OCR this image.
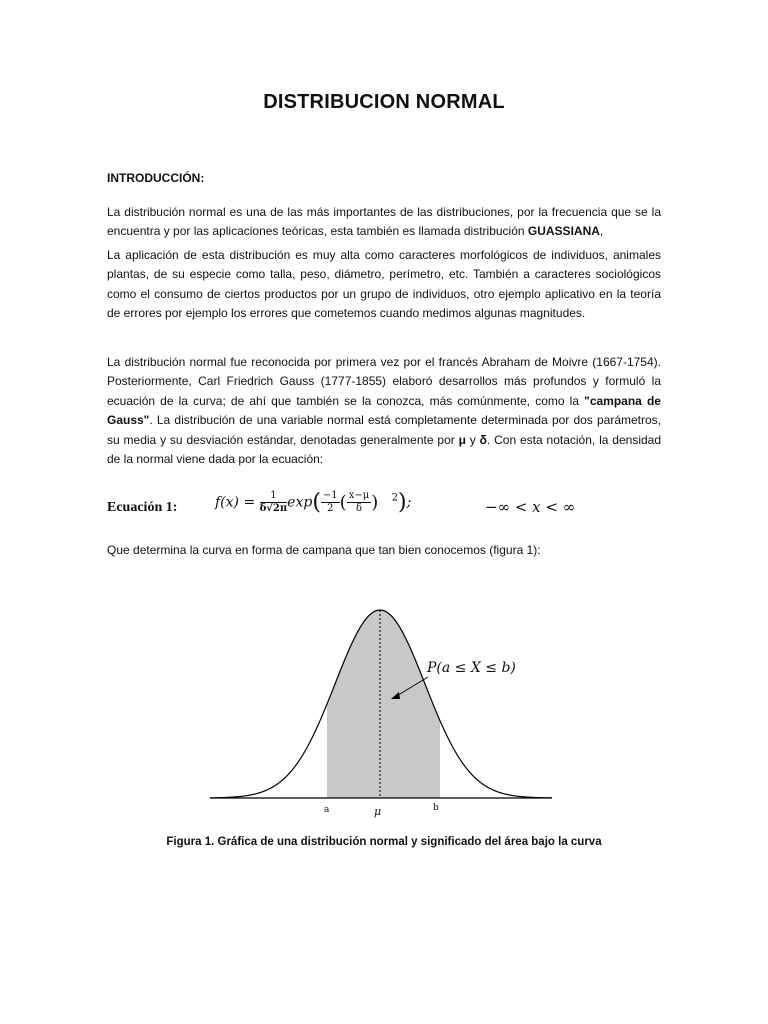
DISTRIBUCION NORMAL
INTRODUCCIÓN:
La distribución normal es una de las más importantes de las distribuciones, por la frecuencia que se la encuentra y por las aplicaciones teóricas, esta también es llamada distribución GUASSIANA,
La aplicación de esta distribución es muy alta como caracteres morfológicos de individuos, animales plantas, de su especie como talla, peso, diámetro, perímetro, etc. También a caracteres sociológicos como el consumo de ciertos productos por un grupo de individuos, otro ejemplo aplicativo en la teoría de errores por ejemplo los errores que cometemos cuando medimos algunas magnitudes.
La distribución normal fue reconocida por primera vez por el francés Abraham de Moivre (1667-1754). Posteriormente, Carl Friedrich Gauss (1777-1855) elaboró desarrollos más profundos y formuló la ecuación de la curva; de ahí que también se la conozca, más comúnmente, como la "campana de Gauss". La distribución de una variable normal está completamente determinada por dos parámetros, su media y su desviación estándar, denotadas generalmente por μ y δ. Con esta notación, la densidad de la normal viene dada por la ecuación:
Ecuación 1:	$f(x) = \frac{1}{\delta√2\pi} \exp( \frac{-1}{2}$ ( $\frac{x-\mu}{\delta}$ ) $^2$);	−∞ < x < ∞
Que determina la curva en forma de campana que tan bien conocemos (figura 1):
P(a ≤ X ≤ b)
a	μ	b
Figura 1. Gráfica de una distribución normal y significado del área bajo la curva
